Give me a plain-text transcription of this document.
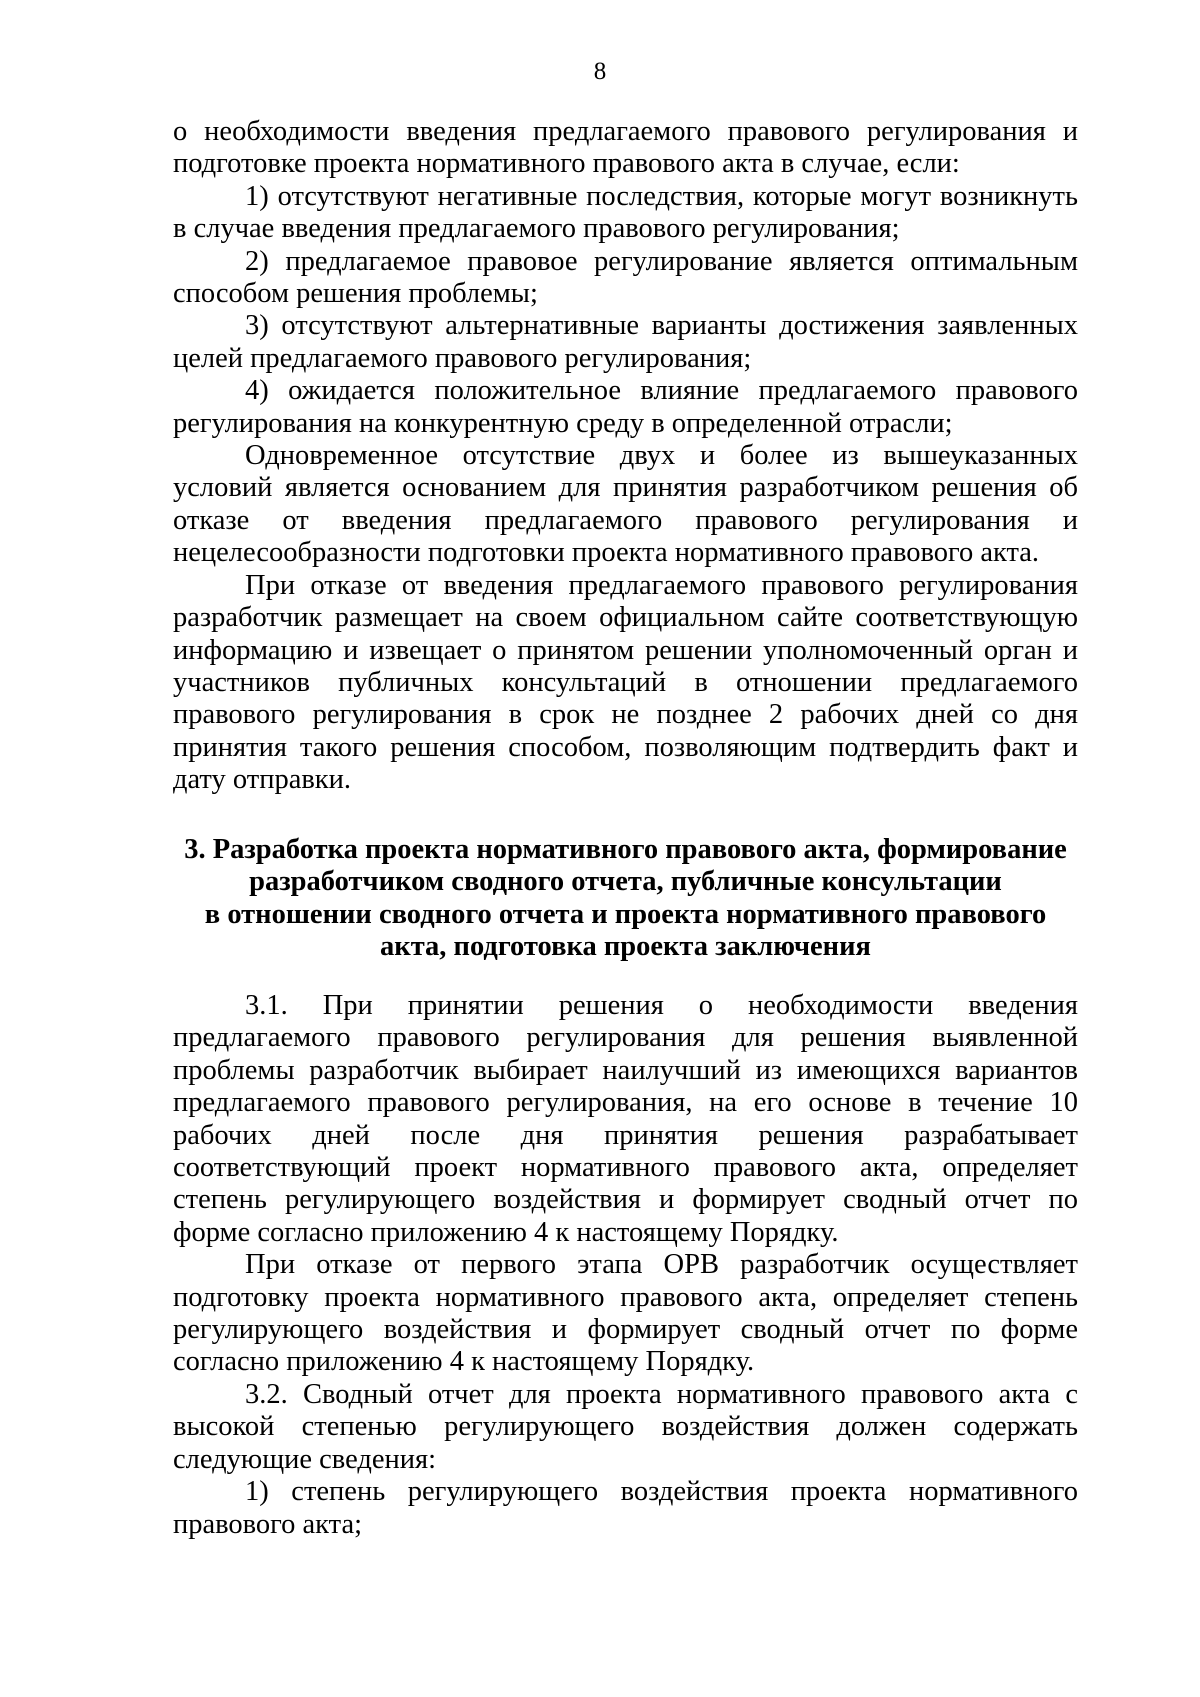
8

о необходимости введения предлагаемого правового регулирования и подготовке проекта нормативного правового акта в случае, если:

1) отсутствуют негативные последствия, которые могут возникнуть в случае введения предлагаемого правового регулирования;

2) предлагаемое правовое регулирование является оптимальным способом решения проблемы;

3) отсутствуют альтернативные варианты достижения заявленных целей предлагаемого правового регулирования;

4) ожидается положительное влияние предлагаемого правового регулирования на конкурентную среду в определенной отрасли;

Одновременное отсутствие двух и более из вышеуказанных условий является основанием для принятия разработчиком решения об отказе от введения предлагаемого правового регулирования и нецелесообразности подготовки проекта нормативного правового акта.

При отказе от введения предлагаемого правового регулирования разработчик размещает на своем официальном сайте соответствующую информацию и извещает о принятом решении уполномоченный орган и участников публичных консультаций в отношении предлагаемого правового регулирования в срок не позднее 2 рабочих дней со дня принятия такого решения способом, позволяющим подтвердить факт и дату отправки.

3. Разработка проекта нормативного правового акта, формирование
разработчиком сводного отчета, публичные консультации
в отношении сводного отчета и проекта нормативного правового
акта, подготовка проекта заключения

3.1. При принятии решения о необходимости введения предлагаемого правового регулирования для решения выявленной проблемы разработчик выбирает наилучший из имеющихся вариантов предлагаемого правового регулирования, на его основе в течение 10 рабочих дней после дня принятия решения разрабатывает соответствующий проект нормативного правового акта, определяет степень регулирующего воздействия и формирует сводный отчет по форме согласно приложению 4 к настоящему Порядку.

При отказе от первого этапа ОРВ разработчик осуществляет подготовку проекта нормативного правового акта, определяет степень регулирующего воздействия и формирует сводный отчет по форме согласно приложению 4 к настоящему Порядку.

3.2. Сводный отчет для проекта нормативного правового акта с высокой степенью регулирующего воздействия должен содержать следующие сведения:

1) степень регулирующего воздействия проекта нормативного правового акта;
